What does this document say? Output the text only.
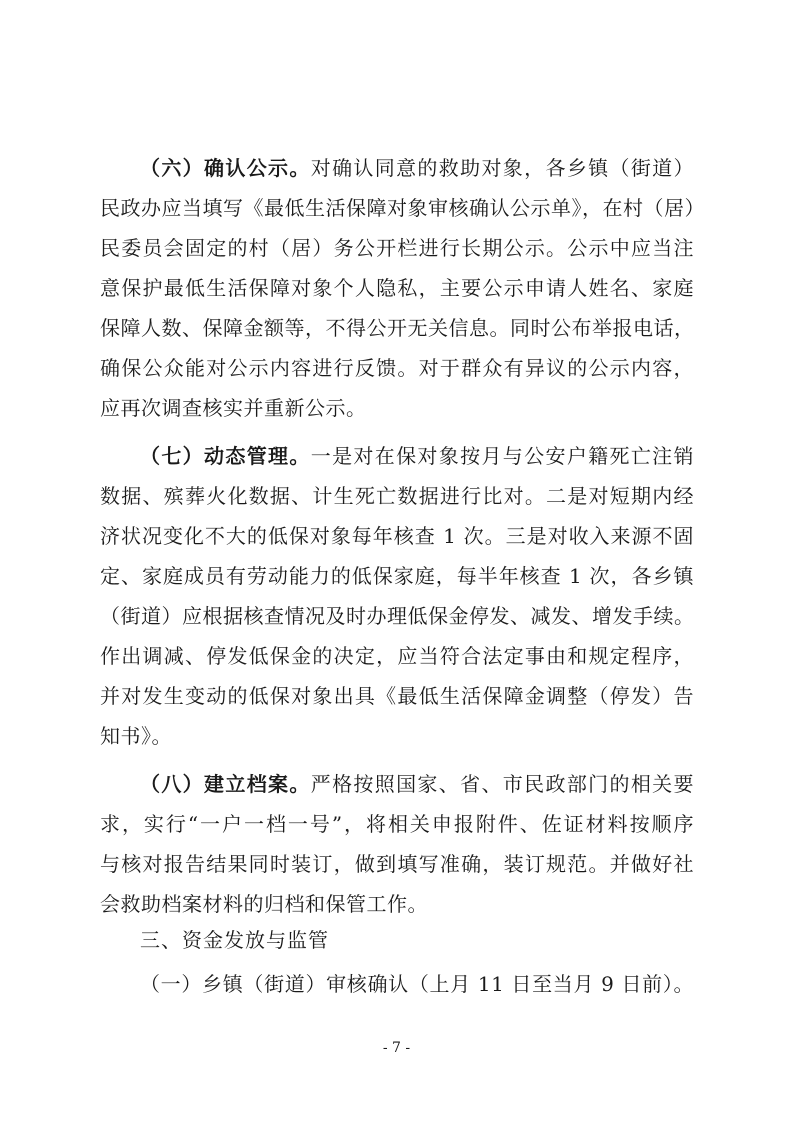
（六）确认公示。对确认同意的救助对象，各乡镇（街道）
民政办应当填写《最低生活保障对象审核确认公示单》，在村（居）
民委员会固定的村（居）务公开栏进行长期公示。公示中应当注
意保护最低生活保障对象个人隐私，主要公示申请人姓名、家庭
保障人数、保障金额等，不得公开无关信息。同时公布举报电话，
确保公众能对公示内容进行反馈。对于群众有异议的公示内容，
应再次调查核实并重新公示。
（七）动态管理。一是对在保对象按月与公安户籍死亡注销
数据、殡葬火化数据、计生死亡数据进行比对。二是对短期内经
济状况变化不大的低保对象每年核查 1 次。三是对收入来源不固
定、家庭成员有劳动能力的低保家庭，每半年核查 1 次，各乡镇
（街道）应根据核查情况及时办理低保金停发、减发、增发手续。
作出调减、停发低保金的决定，应当符合法定事由和规定程序，
并对发生变动的低保对象出具《最低生活保障金调整（停发）告
知书》。
（八）建立档案。严格按照国家、省、市民政部门的相关要
求，实行“一户一档一号”，将相关申报附件、佐证材料按顺序
与核对报告结果同时装订，做到填写准确，装订规范。并做好社
会救助档案材料的归档和保管工作。
三、资金发放与监管
（一）乡镇（街道）审核确认（上月 11 日至当月 9 日前）。
- 7 -
